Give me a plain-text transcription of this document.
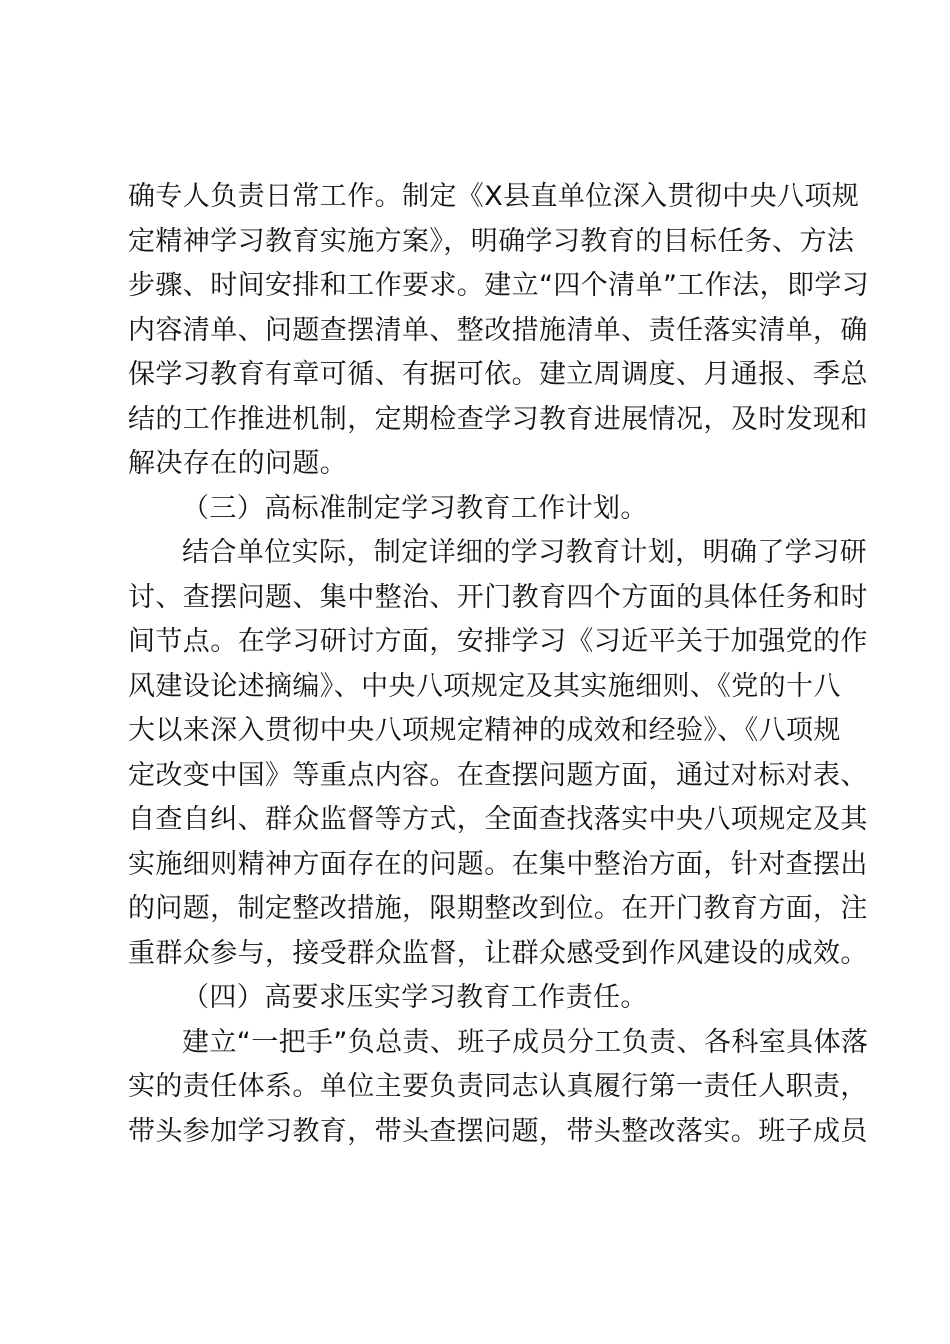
确专人负责日常工作。制定《X县直单位深入贯彻中央八项规
定精神学习教育实施方案》，明确学习教育的目标任务、方法
步骤、时间安排和工作要求。建立“四个清单”工作法，即学习
内容清单、问题查摆清单、整改措施清单、责任落实清单，确
保学习教育有章可循、有据可依。建立周调度、月通报、季总
结的工作推进机制，定期检查学习教育进展情况，及时发现和
解决存在的问题。
（三）高标准制定学习教育工作计划。
结合单位实际，制定详细的学习教育计划，明确了学习研
讨、查摆问题、集中整治、开门教育四个方面的具体任务和时
间节点。在学习研讨方面，安排学习《习近平关于加强党的作
风建设论述摘编》、中央八项规定及其实施细则、《党的十八
大以来深入贯彻中央八项规定精神的成效和经验》、《八项规
定改变中国》等重点内容。在查摆问题方面，通过对标对表、
自查自纠、群众监督等方式，全面查找落实中央八项规定及其
实施细则精神方面存在的问题。在集中整治方面，针对查摆出
的问题，制定整改措施，限期整改到位。在开门教育方面，注
重群众参与，接受群众监督，让群众感受到作风建设的成效。
（四）高要求压实学习教育工作责任。
建立“一把手”负总责、班子成员分工负责、各科室具体落
实的责任体系。单位主要负责同志认真履行第一责任人职责，
带头参加学习教育，带头查摆问题，带头整改落实。班子成员
